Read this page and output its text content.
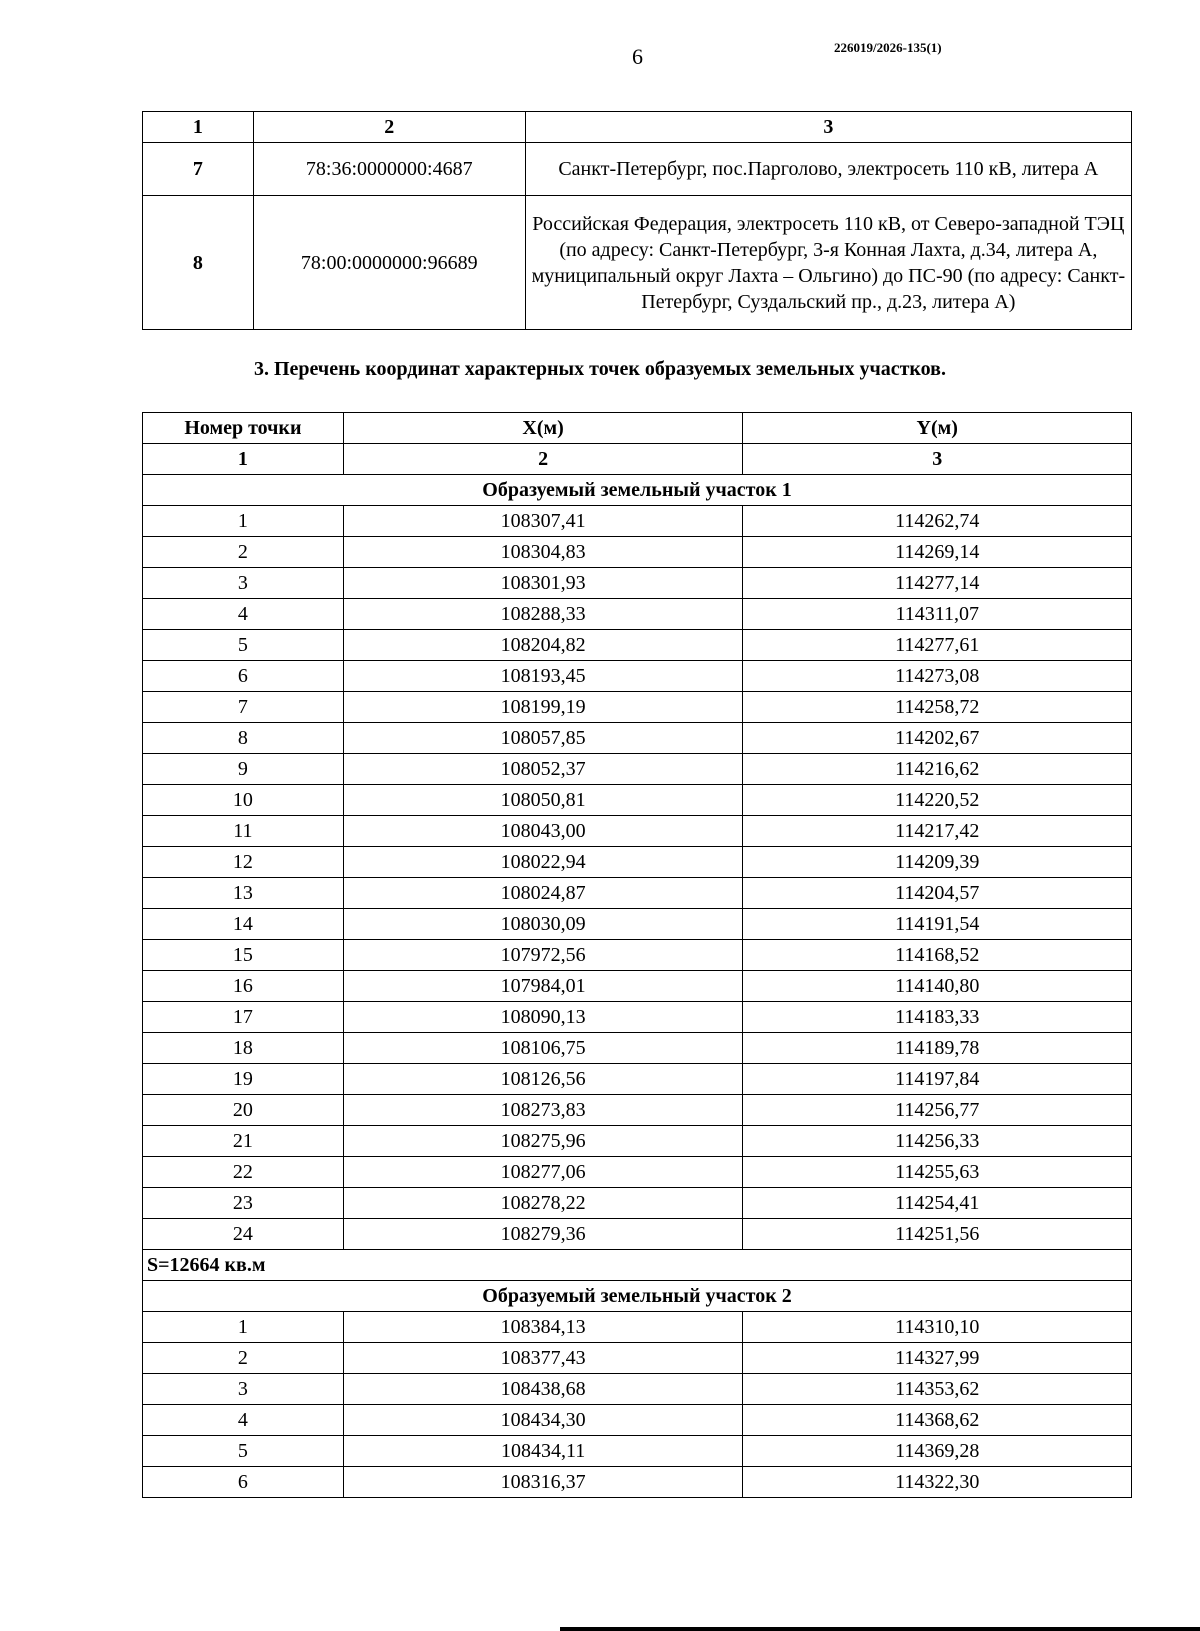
6	226019/2026-135(1)
1	2	3
7	78:36:0000000:4687	Санкт-Петербург, пос.Парголово, электросеть 110 кВ, литера А
8	78:00:0000000:96689	Российская Федерация, электросеть 110 кВ, от Северо-западной ТЭЦ (по адресу: Санкт-Петербург, 3-я Конная Лахта, д.34, литера А, муниципальный округ Лахта – Ольгино) до ПС-90 (по адресу: Санкт-Петербург, Суздальский пр., д.23, литера А)
3. Перечень координат характерных точек образуемых земельных участков.
Номер точки	X(м)	Y(м)
1	2	3
Образуемый земельный участок 1		
1	108307,41	114262,74
2	108304,83	114269,14
3	108301,93	114277,14
4	108288,33	114311,07
5	108204,82	114277,61
6	108193,45	114273,08
7	108199,19	114258,72
8	108057,85	114202,67
9	108052,37	114216,62
10	108050,81	114220,52
11	108043,00	114217,42
12	108022,94	114209,39
13	108024,87	114204,57
14	108030,09	114191,54
15	107972,56	114168,52
16	107984,01	114140,80
17	108090,13	114183,33
18	108106,75	114189,78
19	108126,56	114197,84
20	108273,83	114256,77
21	108275,96	114256,33
22	108277,06	114255,63
23	108278,22	114254,41
24	108279,36	114251,56
S=12664 кв.м		
Образуемый земельный участок 2		
1	108384,13	114310,10
2	108377,43	114327,99
3	108438,68	114353,62
4	108434,30	114368,62
5	108434,11	114369,28
6	108316,37	114322,30
